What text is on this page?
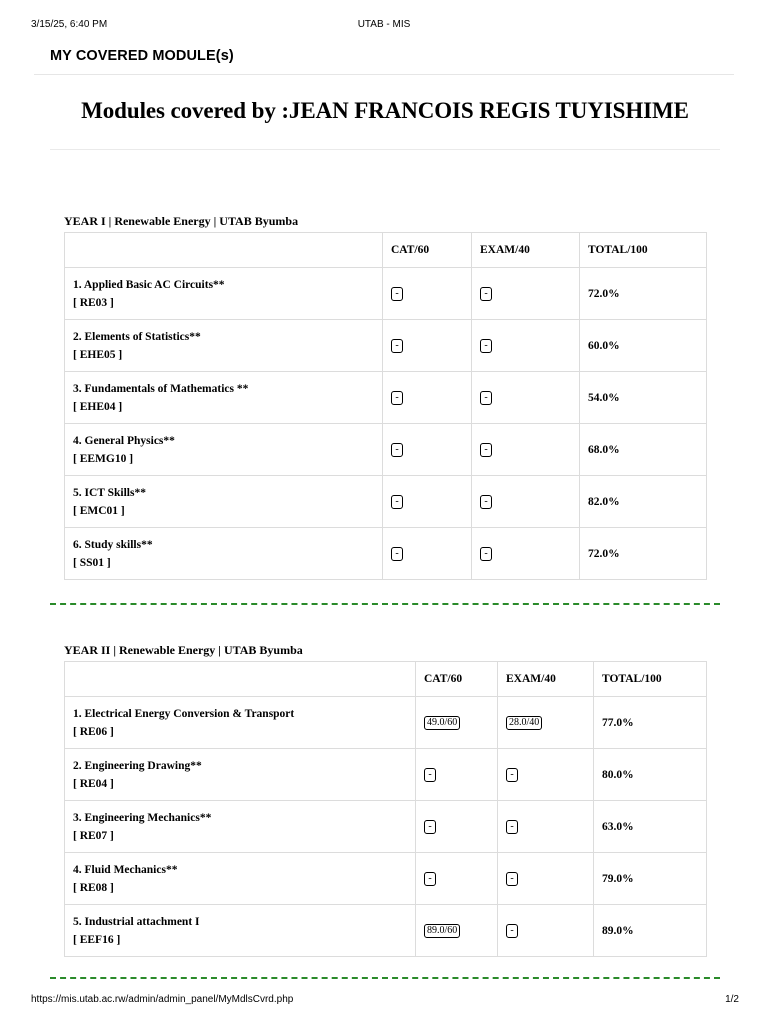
3/15/25, 6:40 PM	UTAB - MIS
MY COVERED MODULE(s)
Modules covered by :JEAN FRANCOIS REGIS TUYISHIME
YEAR I | Renewable Energy | UTAB Byumba
	CAT/60	EXAM/40	TOTAL/100

1. Applied Basic AC Circuits**
[ RE03 ]	-	-	72.0%

2. Elements of Statistics**
[ EHE05 ]	-	-	60.0%

3. Fundamentals of Mathematics **
[ EHE04 ]	-	-	54.0%

4. General Physics**
[ EEMG10 ]	-	-	68.0%

5. ICT Skills**
[ EMC01 ]	-	-	82.0%

6. Study skills**
[ SS01 ]	-	-	72.0%
YEAR II | Renewable Energy | UTAB Byumba
	CAT/60	EXAM/40	TOTAL/100

1. Electrical Energy Conversion & Transport
[ RE06 ]	49.0/60	28.0/40	77.0%

2. Engineering Drawing**
[ RE04 ]	-	-	80.0%

3. Engineering Mechanics**
[ RE07 ]	-	-	63.0%

4. Fluid Mechanics**
[ RE08 ]	-	-	79.0%

5. Industrial attachment I
[ EEF16 ]	89.0/60	-	89.0%
https://mis.utab.ac.rw/admin/admin_panel/MyMdlsCvrd.php	1/2
